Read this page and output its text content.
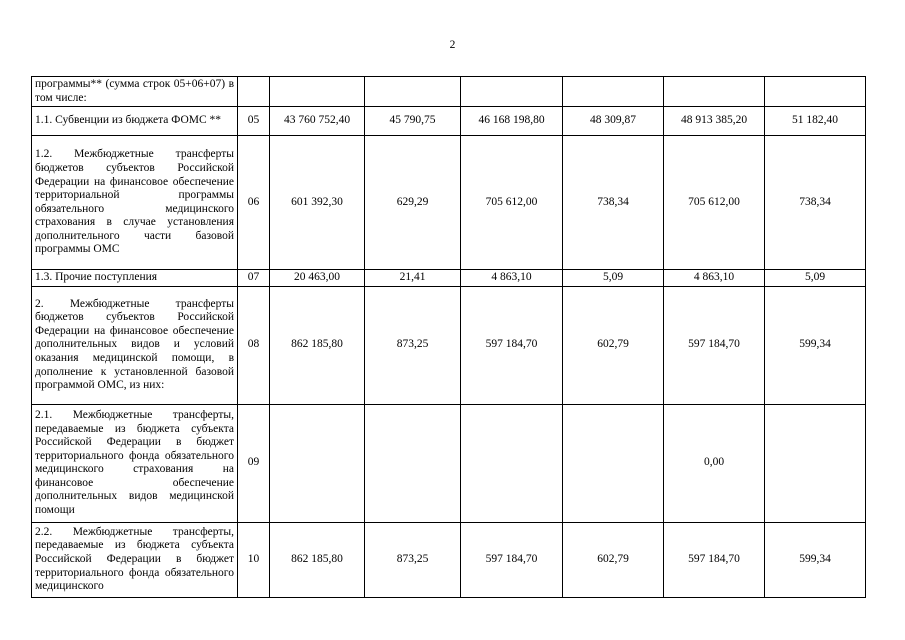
2
программы** (сумма строк 05+06+07) в том числе:							
1.1. Субвенции из бюджета ФОМС **	05	43 760 752,40	45 790,75	46 168 198,80	48 309,87	48 913 385,20	51 182,40
1.2. Межбюджетные трансферты бюджетов субъектов Российской Федерации на финансовое обеспечение территориальной программы обязательного медицинского страхования в случае установления дополнительного части базовой программы ОМС	06	601 392,30	629,29	705 612,00	738,34	705 612,00	738,34
1.3. Прочие поступления	07	20 463,00	21,41	4 863,10	5,09	4 863,10	5,09
2. Межбюджетные трансферты бюджетов субъектов Российской Федерации на финансовое обеспечение дополнительных видов и условий оказания медицинской помощи, в дополнение к установленной базовой программой ОМС, из них:	08	862 185,80	873,25	597 184,70	602,79	597 184,70	599,34
2.1. Межбюджетные трансферты, передаваемые из бюджета субъекта Российской Федерации в бюджет территориального фонда обязательного медицинского страхования на финансовое обеспечение дополнительных видов медицинской помощи	09					0,00	
2.2. Межбюджетные трансферты, передаваемые из бюджета субъекта Российской Федерации в бюджет территориального фонда обязательного медицинского	10	862 185,80	873,25	597 184,70	602,79	597 184,70	599,34
